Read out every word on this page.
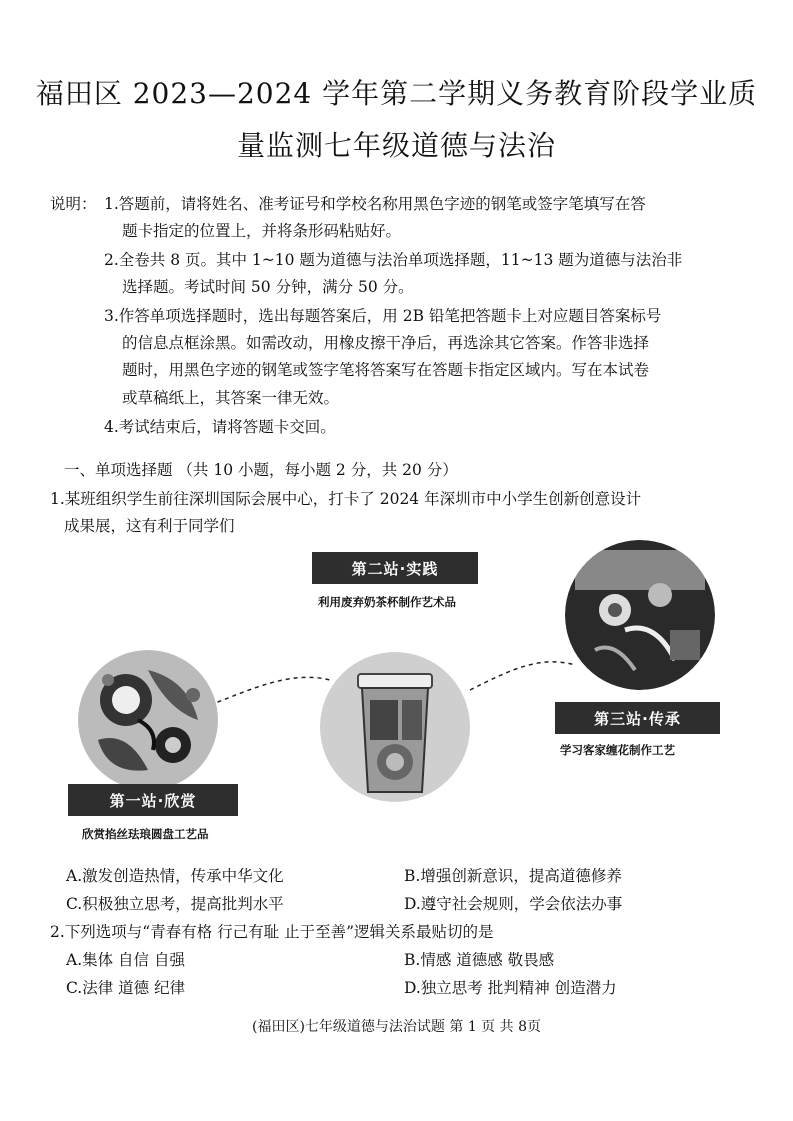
福田区 2023—2024 学年第二学期义务教育阶段学业质
量监测七年级道德与法治
说明： 1.答题前，请将姓名、准考证号和学校名称用黑色字迹的钢笔或签字笔填写在答
题卡指定的位置上，并将条形码粘贴好。
2.全卷共 8 页。其中 1~10 题为道德与法治单项选择题，11~13 题为道德与法治非
选择题。考试时间 50 分钟，满分 50 分。
3.作答单项选择题时，选出每题答案后，用 2B 铅笔把答题卡上对应题目答案标号
的信息点框涂黑。如需改动，用橡皮擦干净后，再选涂其它答案。作答非选择
题时，用黑色字迹的钢笔或签字笔将答案写在答题卡指定区域内。写在本试卷
或草稿纸上，其答案一律无效。
4.考试结束后，请将答题卡交回。
一、单项选择题 （共 10 小题，每小题 2 分，共 20 分）
1.某班组织学生前往深圳国际会展中心，打卡了 2024 年深圳市中小学生创新创意设计
成果展，这有利于同学们
第一站·欣赏
欣赏掐丝珐琅圆盘工艺品
第二站·实践
利用废弃奶茶杯制作艺术品
第三站·传承
学习客家缠花制作工艺
A.激发创造热情，传承中华文化	B.增强创新意识，提高道德修养
C.积极独立思考，提高批判水平	D.遵守社会规则，学会依法办事
2.下列选项与“青春有格 行己有耻 止于至善”逻辑关系最贴切的是
A.集体 自信 自强	B.情感 道德感 敬畏感
C.法律 道德 纪律	D.独立思考 批判精神 创造潜力
(福田区)七年级道德与法治试题 第 1 页 共 8页
